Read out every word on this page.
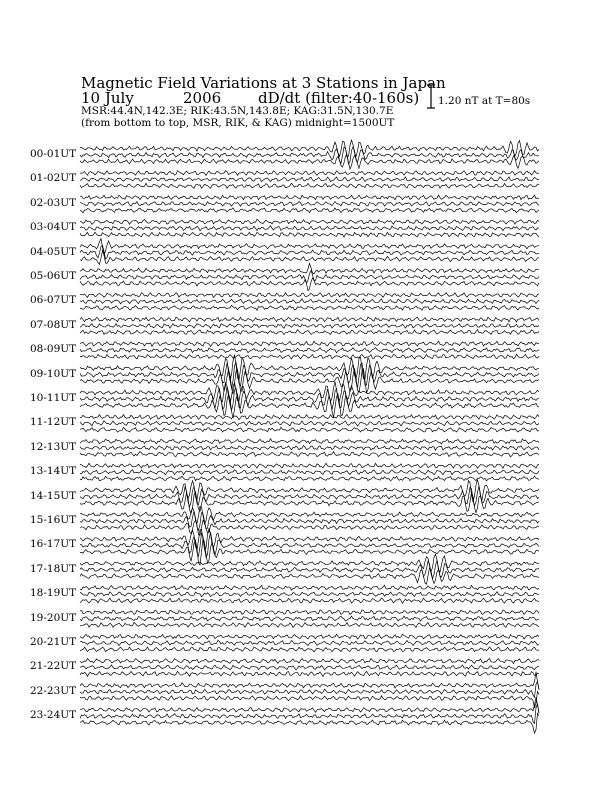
Magnetic Field Variations at 3 Stations in Japan
10 July	2006 dD/dt (filter:40-160s)
MSR:44.4N,142.3E; RIK:43.5N,143.8E; KAG:31.5N,130.7E
(from bottom to top, MSR, RIK, & KAG) midnight=1500UT
1.20 nT at T=80s
00-01UT
01-02UT
02-03UT
03-04UT
04-05UT
05-06UT
06-07UT
07-08UT
08-09UT
09-10UT
10-11UT
11-12UT
12-13UT
13-14UT
14-15UT
15-16UT
16-17UT
17-18UT
18-19UT
19-20UT
20-21UT
21-22UT
22-23UT
23-24UT
